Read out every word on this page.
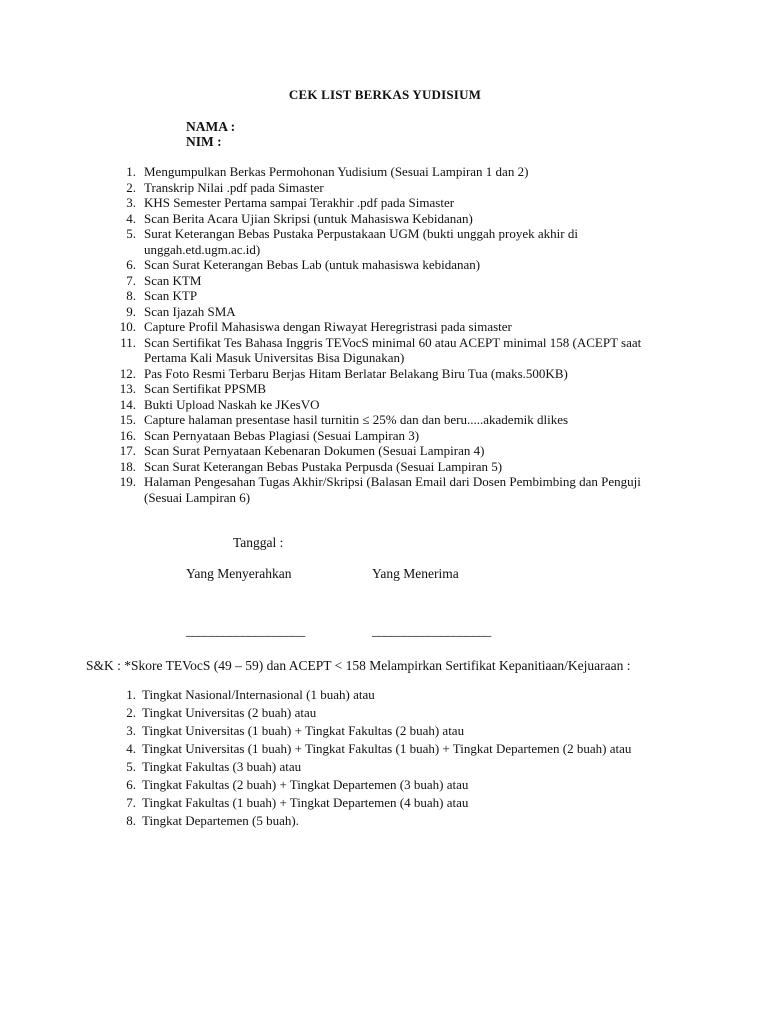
CEK LIST BERKAS YUDISIUM
NAMA :
NIM :
1. Mengumpulkan Berkas Permohonan Yudisium (Sesuai Lampiran 1 dan 2)
2. Transkrip Nilai .pdf pada Simaster
3. KHS Semester Pertama sampai Terakhir .pdf pada Simaster
4. Scan Berita Acara Ujian Skripsi (untuk Mahasiswa Kebidanan)
5. Surat Keterangan Bebas Pustaka Perpustakaan UGM (bukti unggah proyek akhir di unggah.etd.ugm.ac.id)
6. Scan Surat Keterangan Bebas Lab (untuk mahasiswa kebidanan)
7. Scan KTM
8. Scan KTP
9. Scan Ijazah SMA
10. Capture Profil Mahasiswa dengan Riwayat Heregristrasi pada simaster
11. Scan Sertifikat Tes Bahasa Inggris TEVocS minimal 60 atau ACEPT minimal 158 (ACEPT saat Pertama Kali Masuk Universitas Bisa Digunakan)
12. Pas Foto Resmi Terbaru Berjas Hitam Berlatar Belakang Biru Tua (maks.500KB)
13. Scan Sertifikat PPSMB
14. Bukti Upload Naskah ke JKesVO
15. Capture halaman presentase hasil turnitin ≤ 25% dan dan beru.....akademik dlikes
16. Scan Pernyataan Bebas Plagiasi (Sesuai Lampiran 3)
17. Scan Surat Pernyataan Kebenaran Dokumen (Sesuai Lampiran 4)
18. Scan Surat Keterangan Bebas Pustaka Perpusda (Sesuai Lampiran 5)
19. Halaman Pengesahan Tugas Akhir/Skripsi (Balasan Email dari Dosen Pembimbing dan Penguji (Sesuai Lampiran 6)
Tanggal :
Yang Menyerahkan	Yang Menerima
___________________	___________________
S&K : *Skore TEVocS (49 – 59) dan ACEPT < 158 Melampirkan Sertifikat Kepanitiaan/Kejuaraan :
1. Tingkat Nasional/Internasional (1 buah) atau
2. Tingkat Universitas (2 buah) atau
3. Tingkat Universitas (1 buah) + Tingkat Fakultas (2 buah) atau
4. Tingkat Universitas (1 buah) + Tingkat Fakultas (1 buah) + Tingkat Departemen (2 buah) atau
5. Tingkat Fakultas (3 buah) atau
6. Tingkat Fakultas (2 buah) + Tingkat Departemen (3 buah) atau
7. Tingkat Fakultas (1 buah) + Tingkat Departemen (4 buah) atau
8. Tingkat Departemen (5 buah).
